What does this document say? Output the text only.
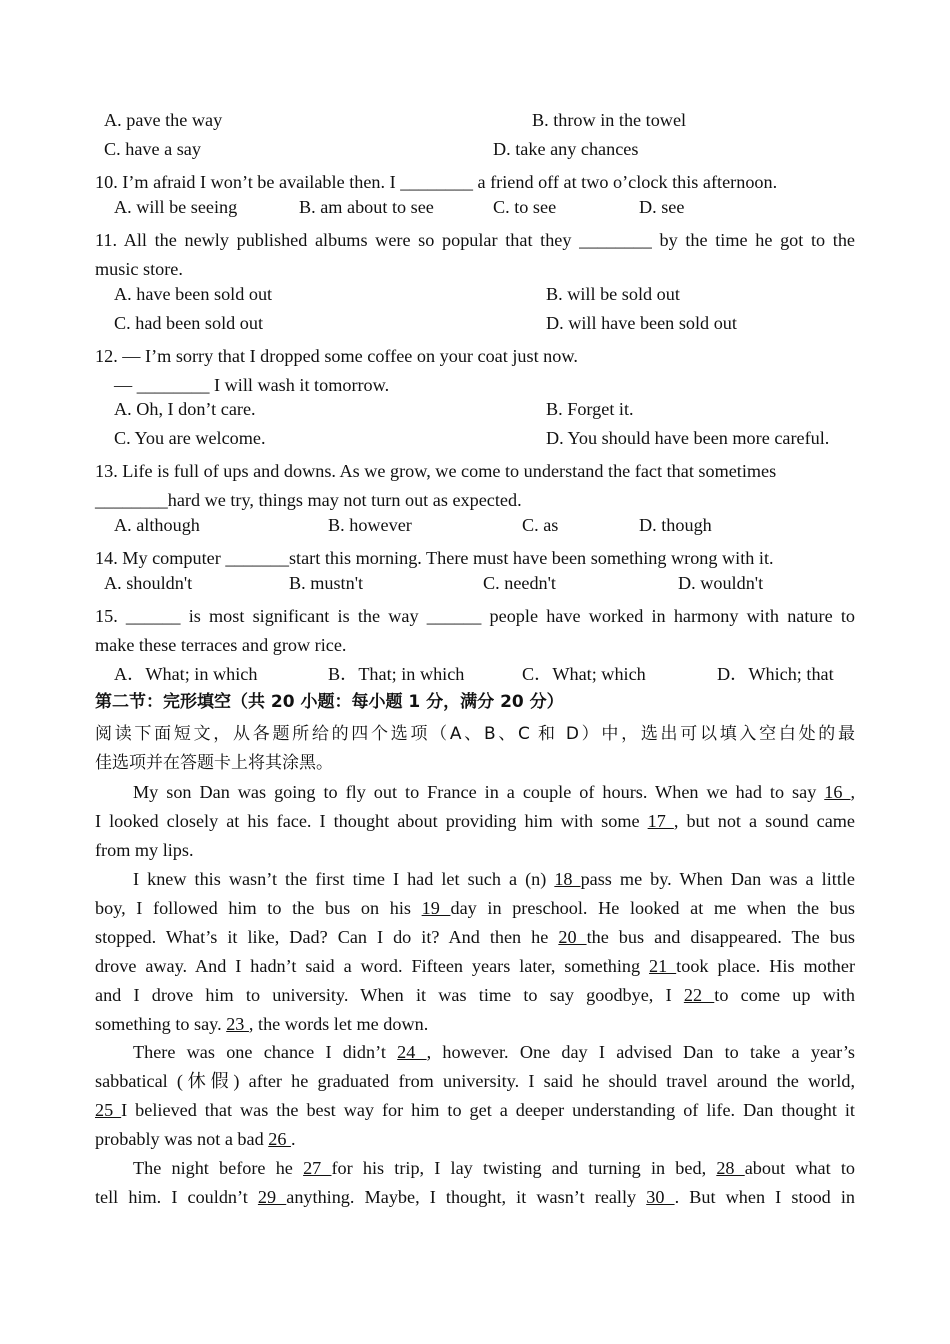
A. pave the way	B. throw in the towel
C. have a say	D. take any chances
10. I’m afraid I won’t be available then. I ________ a friend off at two o’clock this afternoon.
A. will be seeing	B. am about to see	C. to see	D. see
11. All the newly published albums were so popular that they ________ by the time he got to the
music store.
A. have been sold out	B. will be sold out
C. had been sold out	D. will have been sold out
12. — I’m sorry that I dropped some coffee on your coat just now.
— ________ I will wash it tomorrow.
A. Oh, I don’t care.	B. Forget it.
C. You are welcome.	D. You should have been more careful.
13. Life is full of ups and downs. As we grow, we come to understand the fact that sometimes
________hard we try, things may not turn out as expected.
A. although	B. however	C. as	D. though
14. My computer _______start this morning. There must have been something wrong with it.
A. shouldn't	B. mustn't	C. needn't	D. wouldn't
15. ______ is most significant is the way ______ people have worked in harmony with nature to
make these terraces and grow rice.
A．What; in which	B．That; in which	C．What; which	D．Which; that
第二节：完形填空（共 20 小题：每小题 1 分，满分 20 分）
阅读下面短文，从各题所给的四个选项（A、B、C 和 D）中，选出可以填入空白处的最
佳选项并在答题卡上将其涂黑。
My son Dan was going to fly out to France in a couple of hours. When we had to say 16 ,
I looked closely at his face. I thought about providing him with some 17 , but not a sound came
from my lips.
I knew this wasn’t the first time I had let such a (n) 18 pass me by. When Dan was a little
boy, I followed him to the bus on his 19 day in preschool. He looked at me when the bus
stopped. What’s it like, Dad? Can I do it? And then he 20 the bus and disappeared. The bus
drove away. And I hadn’t said a word. Fifteen years later, something 21 took place. His mother
and I drove him to university. When it was time to say goodbye, I 22 to come up with
something to say. 23 , the words let me down.
There was one chance I didn’t 24 , however. One day I advised Dan to take a year’s
sabbatical (休假) after he graduated from university. I said he should travel around the world,
25 I believed that was the best way for him to get a deeper understanding of life. Dan thought it
probably was not a bad 26 .
The night before he 27 for his trip, I lay twisting and turning in bed, 28 about what to
tell him. I couldn’t 29 anything. Maybe, I thought, it wasn’t really 30 . But when I stood in
